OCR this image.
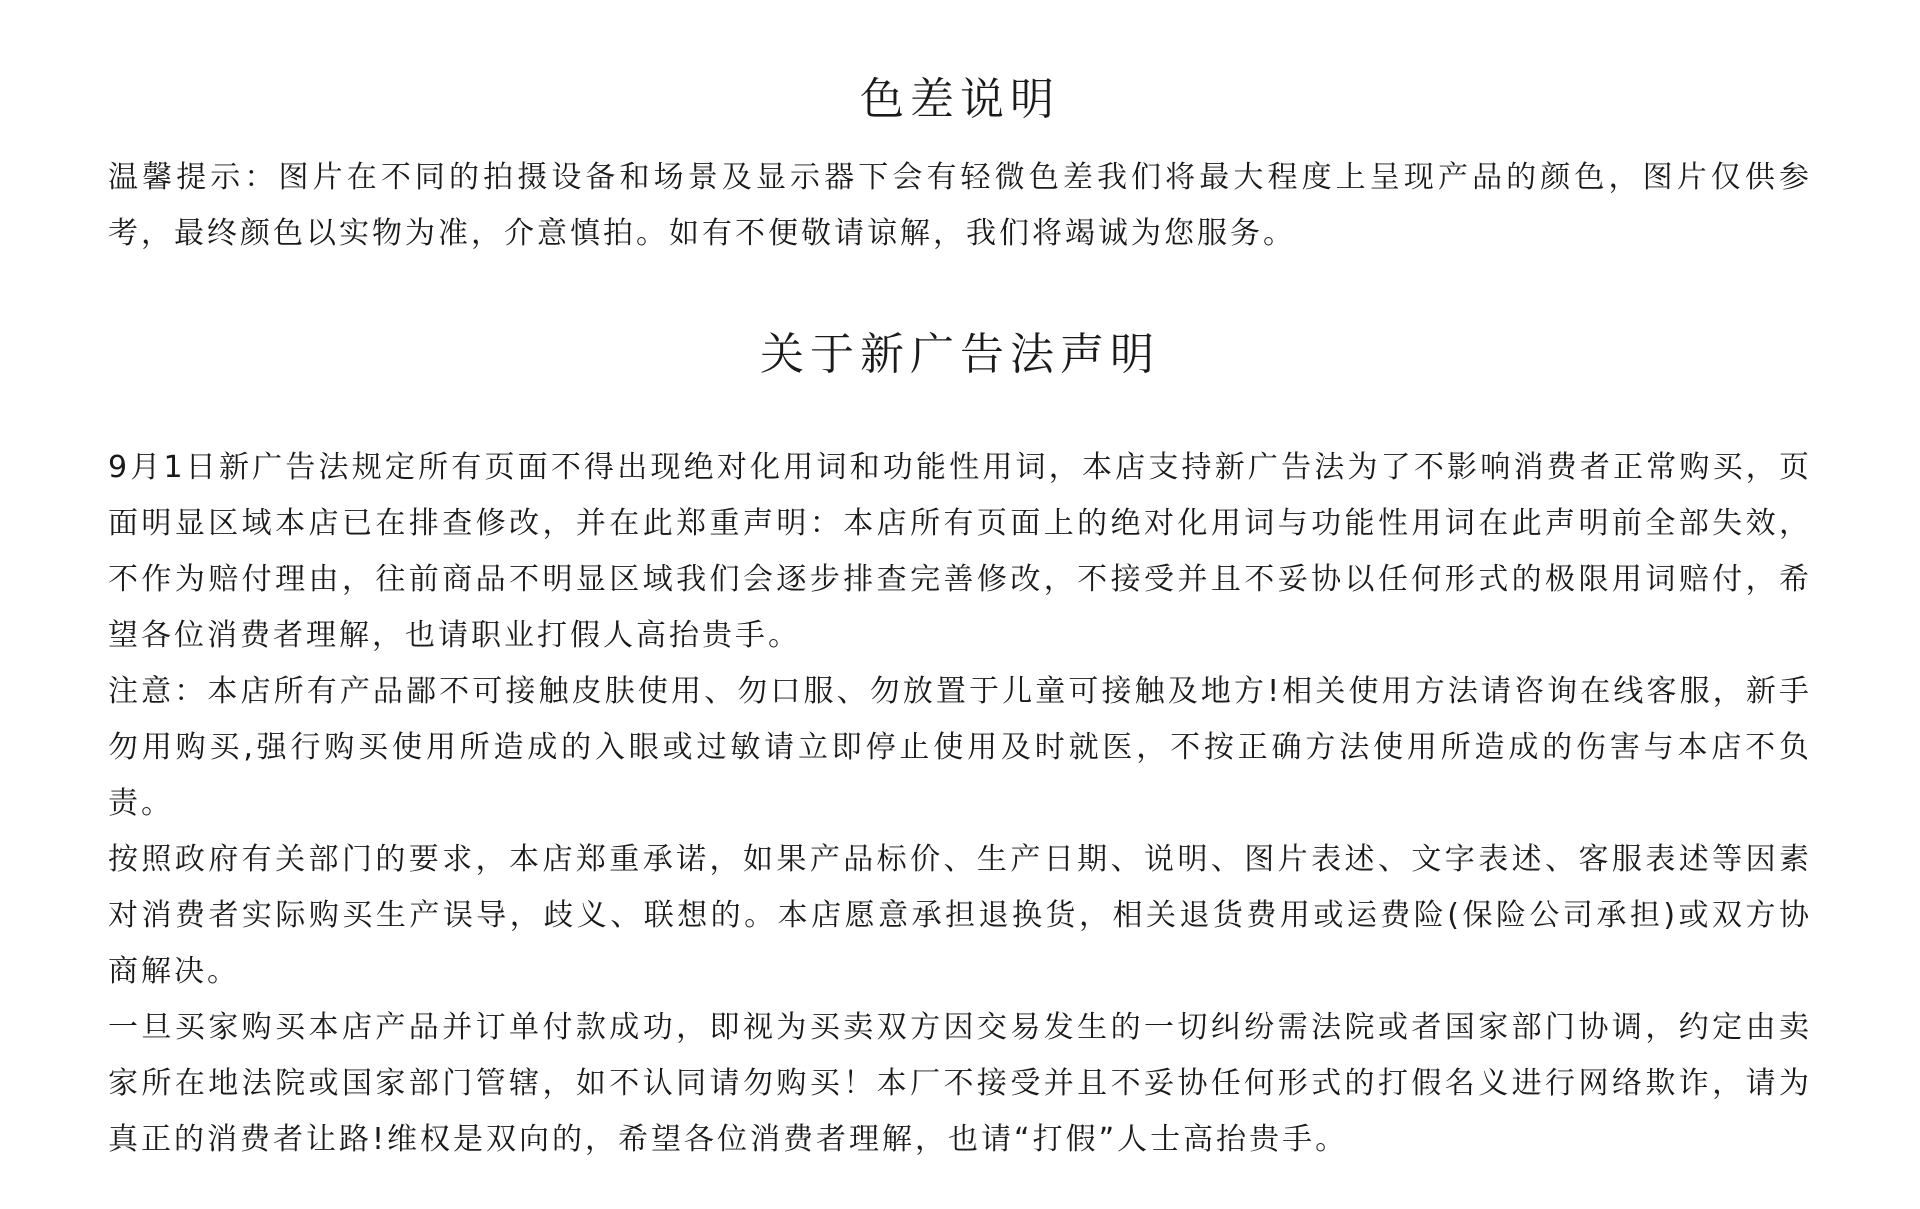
色差说明

温馨提示：图片在不同的拍摄设备和场景及显示器下会有轻微色差我们将最大程度上呈现产品的颜色，图片仅供参考，最终颜色以实物为准，介意慎拍。如有不便敬请谅解，我们将竭诚为您服务。

关于新广告法声明

9月1日新广告法规定所有页面不得出现绝对化用词和功能性用词，本店支持新广告法为了不影响消费者正常购买，页面明显区域本店已在排查修改，并在此郑重声明：本店所有页面上的绝对化用词与功能性用词在此声明前全部失效，不作为赔付理由，往前商品不明显区域我们会逐步排查完善修改，不接受并且不妥协以任何形式的极限用词赔付，希望各位消费者理解，也请职业打假人高抬贵手。

注意：本店所有产品鄙不可接触皮肤使用、勿口服、勿放置于儿童可接触及地方!相关使用方法请咨询在线客服，新手勿用购买,强行购买使用所造成的入眼或过敏请立即停止使用及时就医，不按正确方法使用所造成的伤害与本店不负责。

按照政府有关部门的要求，本店郑重承诺，如果产品标价、生产日期、说明、图片表述、文字表述、客服表述等因素对消费者实际购买生产误导，歧义、联想的。本店愿意承担退换货，相关退货费用或运费险(保险公司承担)或双方协商解决。

一旦买家购买本店产品并订单付款成功，即视为买卖双方因交易发生的一切纠纷需法院或者国家部门协调，约定由卖家所在地法院或国家部门管辖，如不认同请勿购买！本厂不接受并且不妥协任何形式的打假名义进行网络欺诈，请为真正的消费者让路!维权是双向的，希望各位消费者理解，也请“打假”人士高抬贵手。
